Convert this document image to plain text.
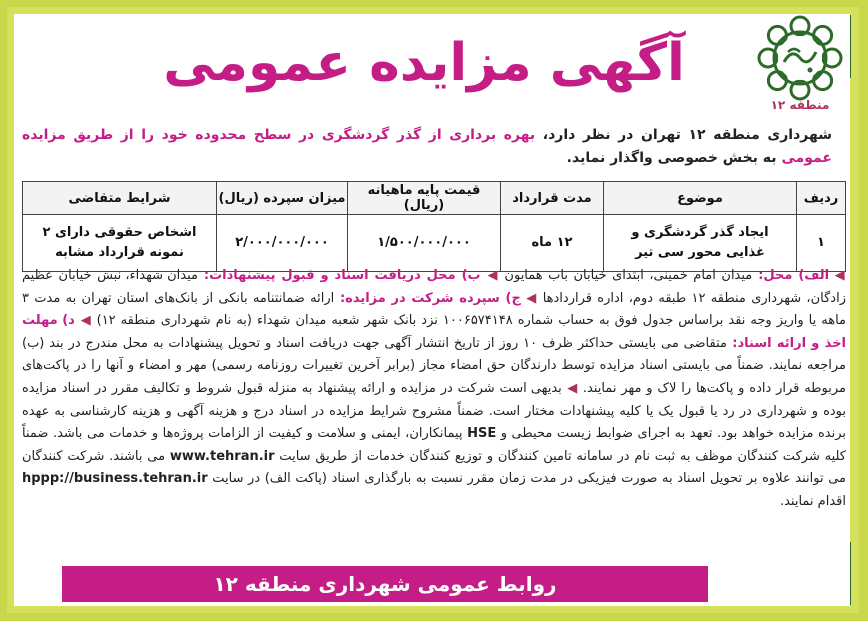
منطقه ۱۲
آگهی مزایده عمومی
شهرداری منطقه ۱۲ تهران در نظر دارد، بهره برداری از گذر گردشگری در سطح محدوده خود را از طریق مزایده عمومی به بخش خصوصی واگذار نماید.
ردیف	موضوع	مدت قرارداد	قیمت پایه ماهیانه (ریال)	میزان سپرده (ریال)	شرایط متقاضی
۱	ایجاد گذر گردشگری و غذایی محور سی تیر	۱۲ ماه	۱/۵۰۰/۰۰۰/۰۰۰	۲/۰۰۰/۰۰۰/۰۰۰	اشخاص حقوقی دارای ۲ نمونه قرارداد مشابه
◀ الف) محل: میدان امام خمینی، ابتدای خیابان باب همایون ◀ ب) محل دریافت اسناد و قبول پیشنهادات: میدان شهداء، نبش خیابان عظیم زادگان، شهرداری منطقه ۱۲ طبقه دوم، اداره قراردادها ◀ ج) سپرده شرکت در مزایده: ارائه ضمانتنامه بانکی از بانک‌های استان تهران به مدت ۳ ماهه یا واریز وجه نقد براساس جدول فوق به حساب شماره ۱۰۰۶۵۷۴۱۴۸ نزد بانک شهر شعبه میدان شهداء (به نام شهرداری منطقه ۱۲) ◀ د) مهلت اخذ و ارائه اسناد: متقاضی می بایستی حداکثر ظرف ۱۰ روز از تاریخ انتشار آگهی جهت دریافت اسناد و تحویل پیشنهادات به محل مندرج در بند (ب) مراجعه نمایند. ضمناً می بایستی اسناد مزایده توسط دارندگان حق امضاء مجاز (برابر آخرین تغییرات روزنامه رسمی) مهر و امضاء و آنها را در پاکت‌های مربوطه قرار داده و پاکت‌ها را لاک و مهر نمایند. ◀ بدیهی است شرکت در مزایده و ارائه پیشنهاد به منزله قبول شروط و تکالیف مقرر در اسناد مزایده بوده و شهرداری در رد یا قبول یک یا کلیه پیشنهادات مختار است. ضمناً مشروح شرایط مزایده در اسناد درج و هزینه آگهی و هزینه کارشناسی به عهده برنده مزایده خواهد بود. تعهد به اجرای ضوابط زیست محیطی و HSE پیمانکاران، ایمنی و سلامت و کیفیت از الزامات پروژه‌ها و خدمات می باشد. ضمناً کلیه شرکت کنندگان موظف به ثبت نام در سامانه تامین کنندگان و توزیع کنندگان خدمات از طریق سایت www.tehran.ir می باشند. شرکت کنندگان می توانند علاوه بر تحویل اسناد به صورت فیزیکی در مدت زمان مقرر نسبت به بارگذاری اسناد (پاکت الف) در سایت hppp://business.tehran.ir اقدام نمایند.
روابط عمومی شهرداری منطقه ۱۲
